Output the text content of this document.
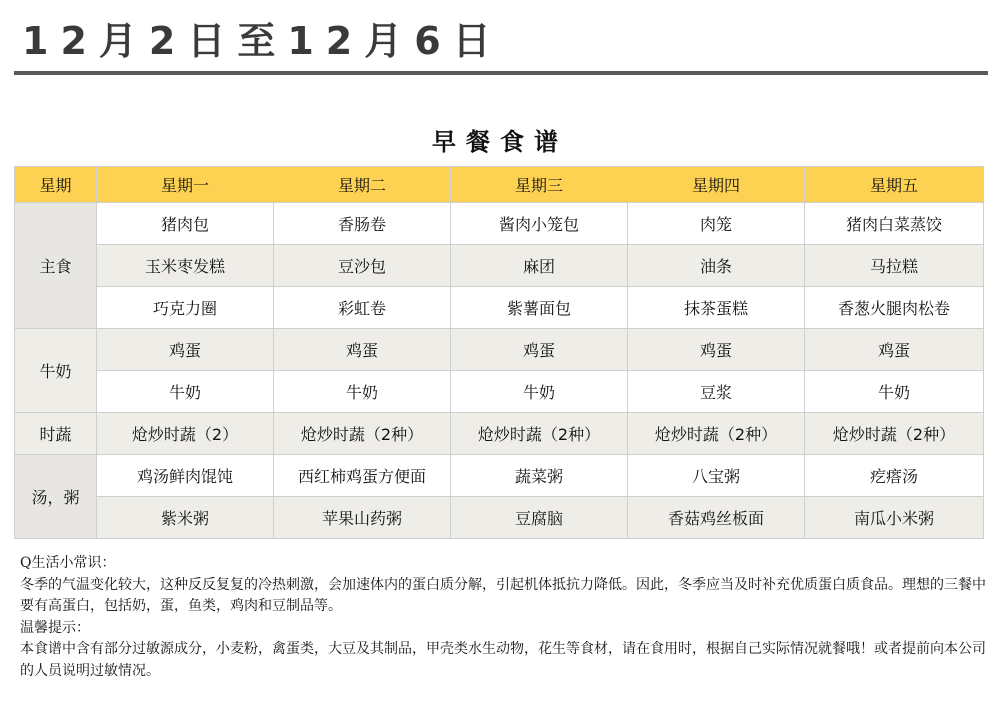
12月2日至12月6日
早餐食谱
星期	星期一	星期二	星期三	星期四	星期五
主食	猪肉包	香肠卷	酱肉小笼包	肉笼	猪肉白菜蒸饺
	玉米枣发糕	豆沙包	麻团	油条	马拉糕
	巧克力圈	彩虹卷	紫薯面包	抹茶蛋糕	香葱火腿肉松卷
牛奶	鸡蛋	鸡蛋	鸡蛋	鸡蛋	鸡蛋
	牛奶	牛奶	牛奶	豆浆	牛奶
时蔬	炝炒时蔬（2）	炝炒时蔬（2种）	炝炒时蔬（2种）	炝炒时蔬（2种）	炝炒时蔬（2种）
汤，粥	鸡汤鲜肉馄饨	西红柿鸡蛋方便面	蔬菜粥	八宝粥	疙瘩汤
	紫米粥	苹果山药粥	豆腐脑	香菇鸡丝板面	南瓜小米粥

Q生活小常识：

冬季的气温变化较大，这种反反复复的冷热刺激，会加速体内的蛋白质分解，引起机体抵抗力降低。因此，冬季应当及时补充优质蛋白质食品。理想的三餐中要有高蛋白，包括奶，蛋，鱼类，鸡肉和豆制品等。

温馨提示：

本食谱中含有部分过敏源成分，小麦粉，禽蛋类，大豆及其制品，甲壳类水生动物，花生等食材，请在食用时，根据自己实际情况就餐哦！或者提前向本公司的人员说明过敏情况。
